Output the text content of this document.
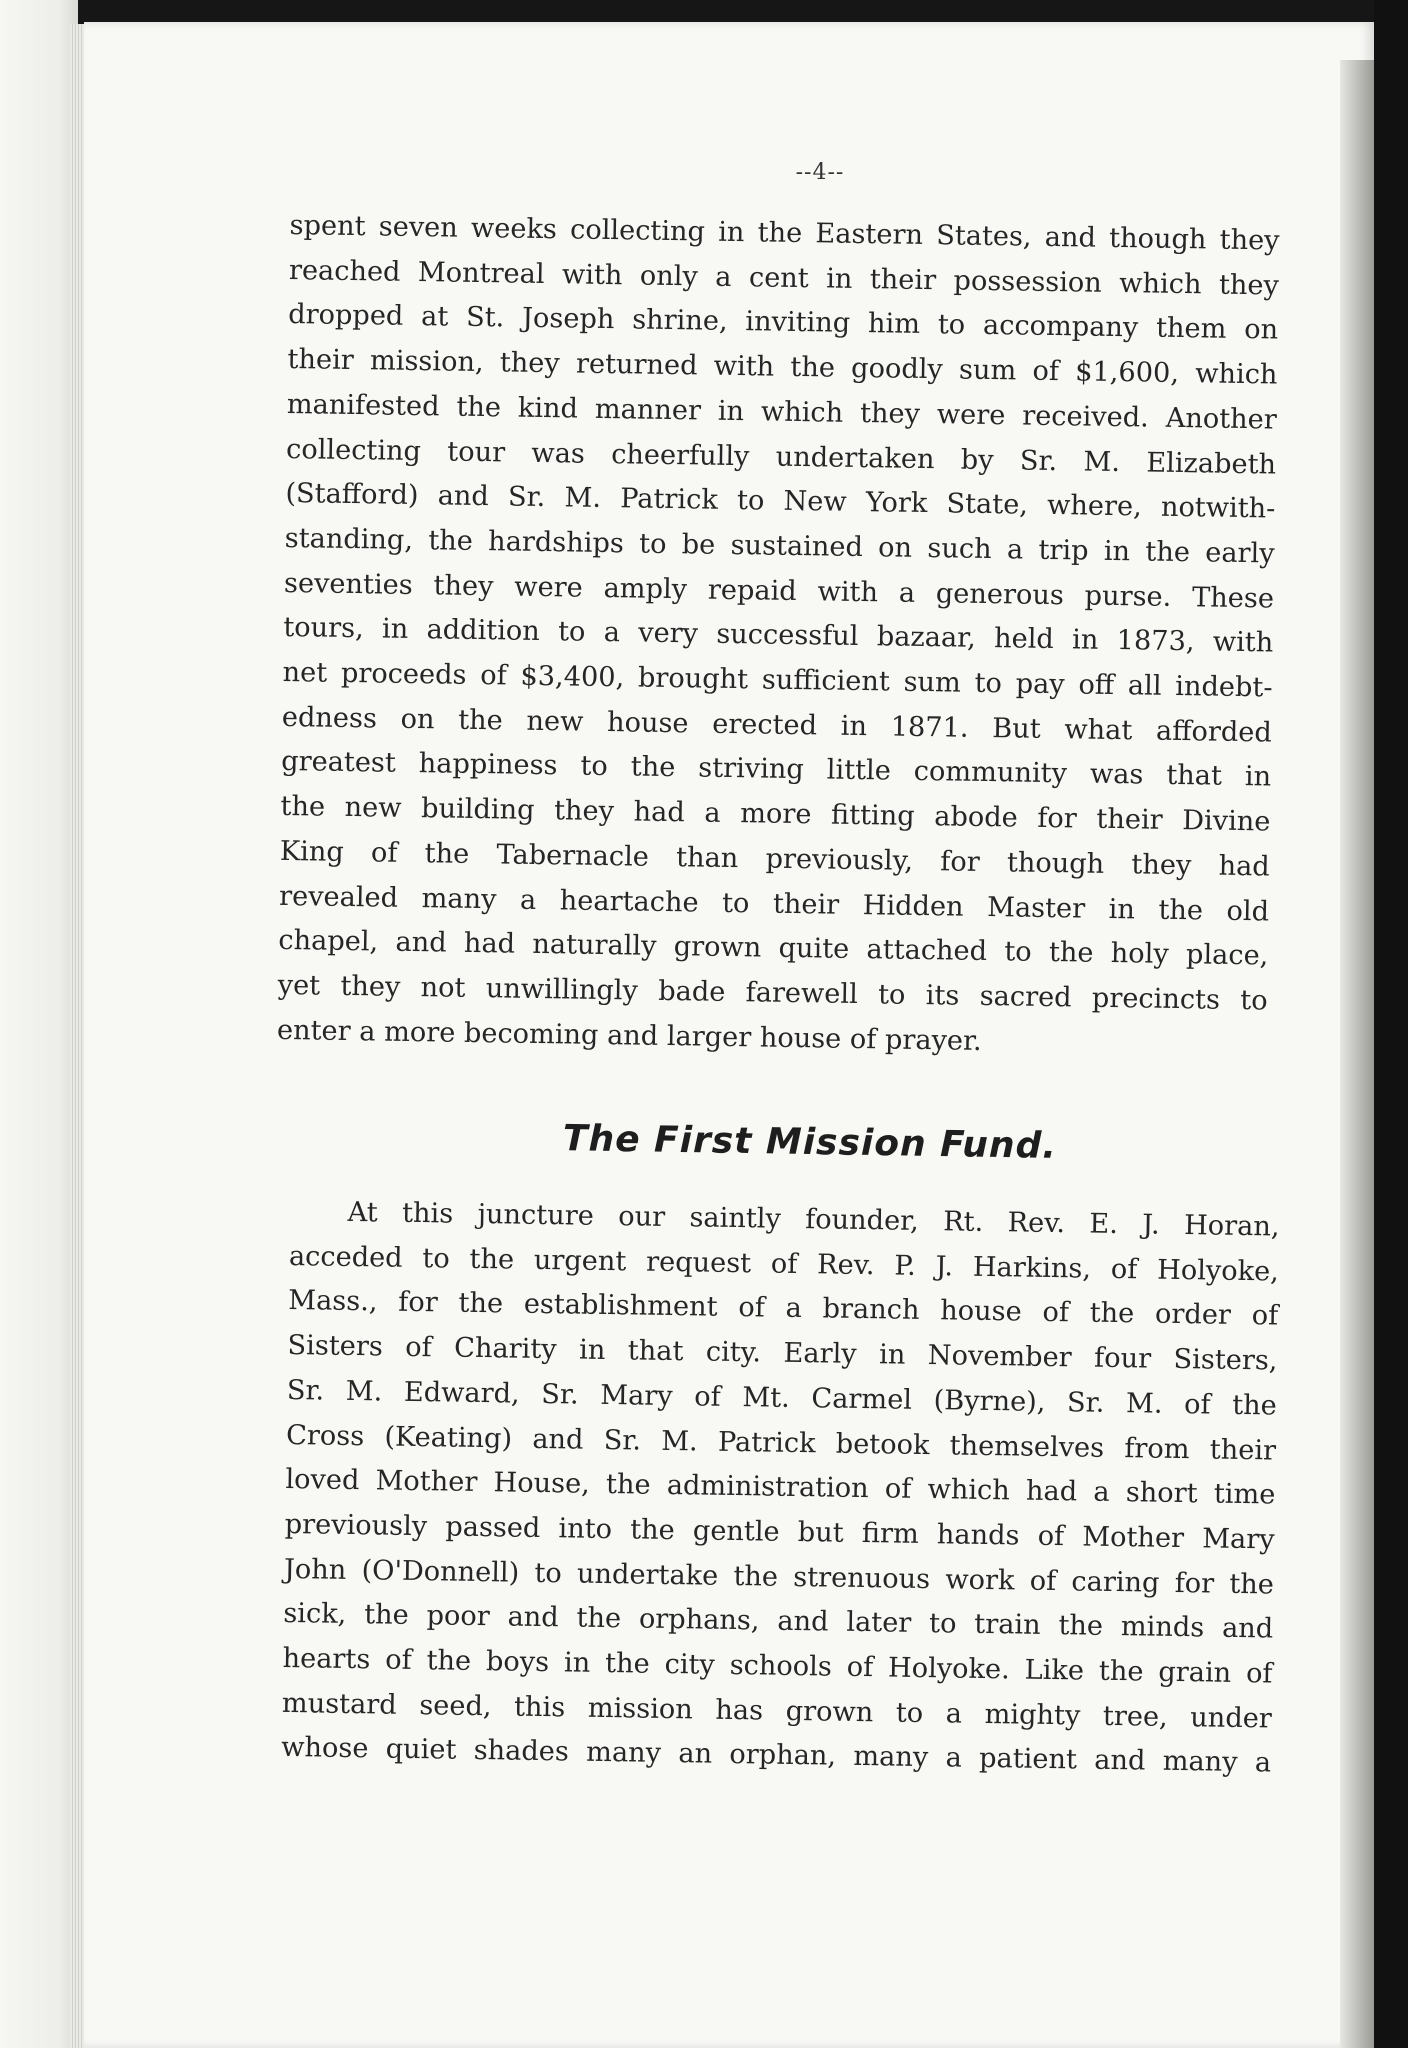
--4--
spent seven weeks collecting in the Eastern States, and though they
reached Montreal with only a cent in their possession which they
dropped at St. Joseph shrine, inviting him to accompany them on
their mission, they returned with the goodly sum of $1,600, which
manifested the kind manner in which they were received. Another
collecting tour was cheerfully undertaken by Sr. M. Elizabeth
(Stafford) and Sr. M. Patrick to New York State, where, notwith-
standing, the hardships to be sustained on such a trip in the early
seventies they were amply repaid with a generous purse. These
tours, in addition to a very successful bazaar, held in 1873, with
net proceeds of $3,400, brought sufficient sum to pay off all indebt-
edness on the new house erected in 1871. But what afforded
greatest happiness to the striving little community was that in
the new building they had a more fitting abode for their Divine
King of the Tabernacle than previously, for though they had
revealed many a heartache to their Hidden Master in the old
chapel, and had naturally grown quite attached to the holy place,
yet they not unwillingly bade farewell to its sacred precincts to
enter a more becoming and larger house of prayer.
The First Mission Fund.
At this juncture our saintly founder, Rt. Rev. E. J. Horan,
acceded to the urgent request of Rev. P. J. Harkins, of Holyoke,
Mass., for the establishment of a branch house of the order of
Sisters of Charity in that city. Early in November four Sisters,
Sr. M. Edward, Sr. Mary of Mt. Carmel (Byrne), Sr. M. of the
Cross (Keating) and Sr. M. Patrick betook themselves from their
loved Mother House, the administration of which had a short time
previously passed into the gentle but firm hands of Mother Mary
John (O'Donnell) to undertake the strenuous work of caring for the
sick, the poor and the orphans, and later to train the minds and
hearts of the boys in the city schools of Holyoke. Like the grain of
mustard seed, this mission has grown to a mighty tree, under
whose quiet shades many an orphan, many a patient and many a
